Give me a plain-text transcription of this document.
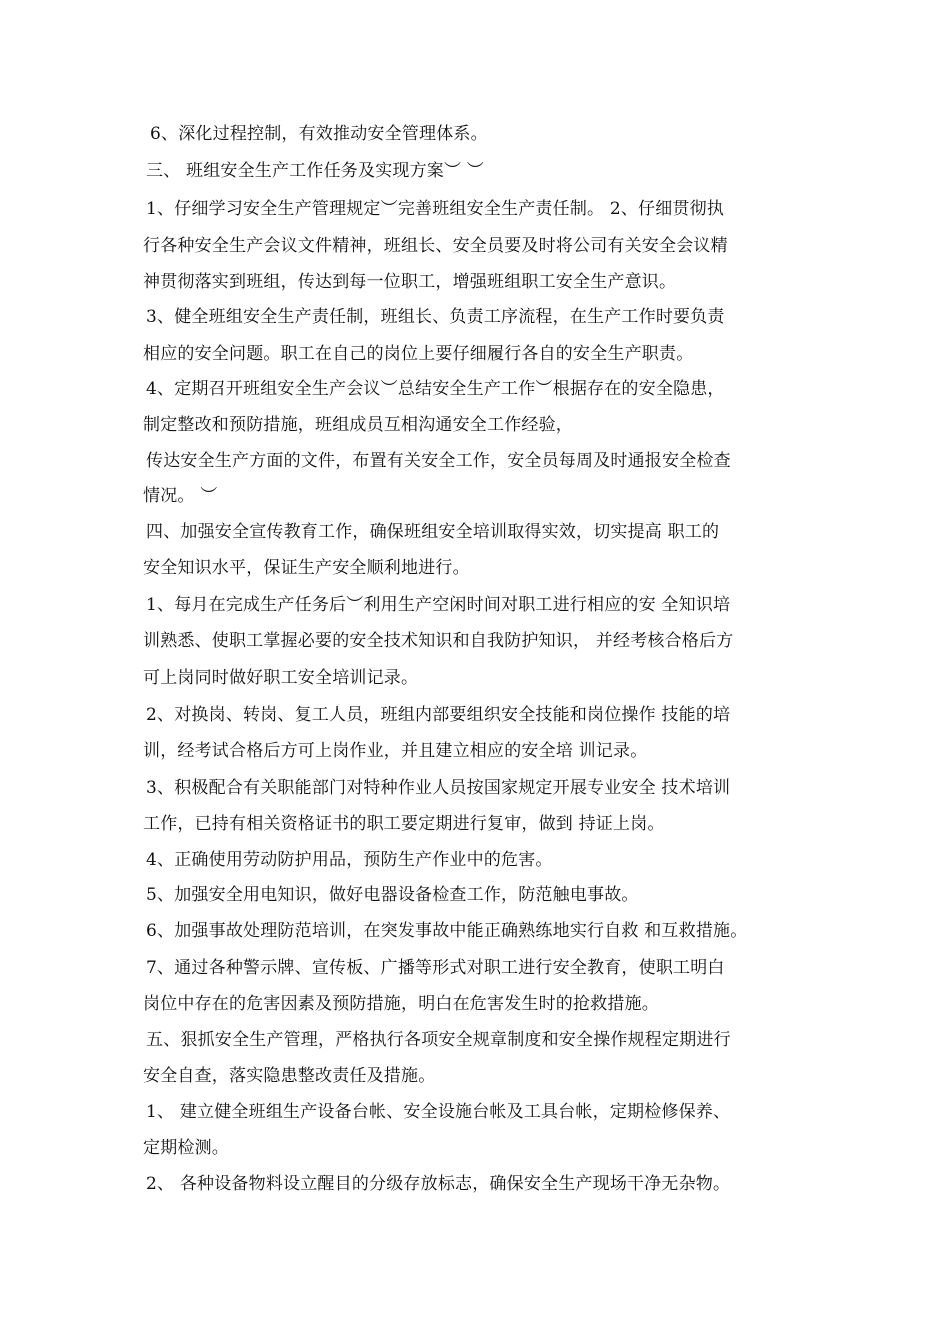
6、深化过程控制，有效推动安全管理体系。
三、 班组安全生产工作任务及实现方案︶ ︶
1、仔细学习安全生产管理规定︶完善班组安全生产责任制。 2、仔细贯彻执
行各种安全生产会议文件精神，班组长、安全员要及时将公司有关安全会议精
神贯彻落实到班组，传达到每一位职工，增强班组职工安全生产意识。
3、健全班组安全生产责任制，班组长、负责工序流程，在生产工作时要负责
相应的安全问题。职工在自己的岗位上要仔细履行各自的安全生产职责。
4、定期召开班组安全生产会议︶总结安全生产工作︶根据存在的安全隐患，
制定整改和预防措施，班组成员互相沟通安全工作经验，
传达安全生产方面的文件，布置有关安全工作，安全员每周及时通报安全检查
情况。 ︶
四、加强安全宣传教育工作，确保班组安全培训取得实效，切实提高 职工的
安全知识水平，保证生产安全顺利地进行。
1、每月在完成生产任务后︶利用生产空闲时间对职工进行相应的安 全知识培
训熟悉、使职工掌握必要的安全技术知识和自我防护知识， 并经考核合格后方
可上岗同时做好职工安全培训记录。
2、对换岗、转岗、复工人员，班组内部要组织安全技能和岗位操作 技能的培
训，经考试合格后方可上岗作业，并且建立相应的安全培 训记录。
3、积极配合有关职能部门对特种作业人员按国家规定开展专业安全 技术培训
工作，已持有相关资格证书的职工要定期进行复审，做到 持证上岗。
4、正确使用劳动防护用品，预防生产作业中的危害。
5、加强安全用电知识，做好电器设备检查工作，防范触电事故。
6、加强事故处理防范培训，在突发事故中能正确熟练地实行自救 和互救措施。
7、通过各种警示牌、宣传板、广播等形式对职工进行安全教育，使职工明白
岗位中存在的危害因素及预防措施，明白在危害发生时的抢救措施。
五、狠抓安全生产管理，严格执行各项安全规章制度和安全操作规程定期进行
安全自查，落实隐患整改责任及措施。
1、 建立健全班组生产设备台帐、安全设施台帐及工具台帐，定期检修保养、
定期检测。
2、 各种设备物料设立醒目的分级存放标志，确保安全生产现场干净无杂物。
